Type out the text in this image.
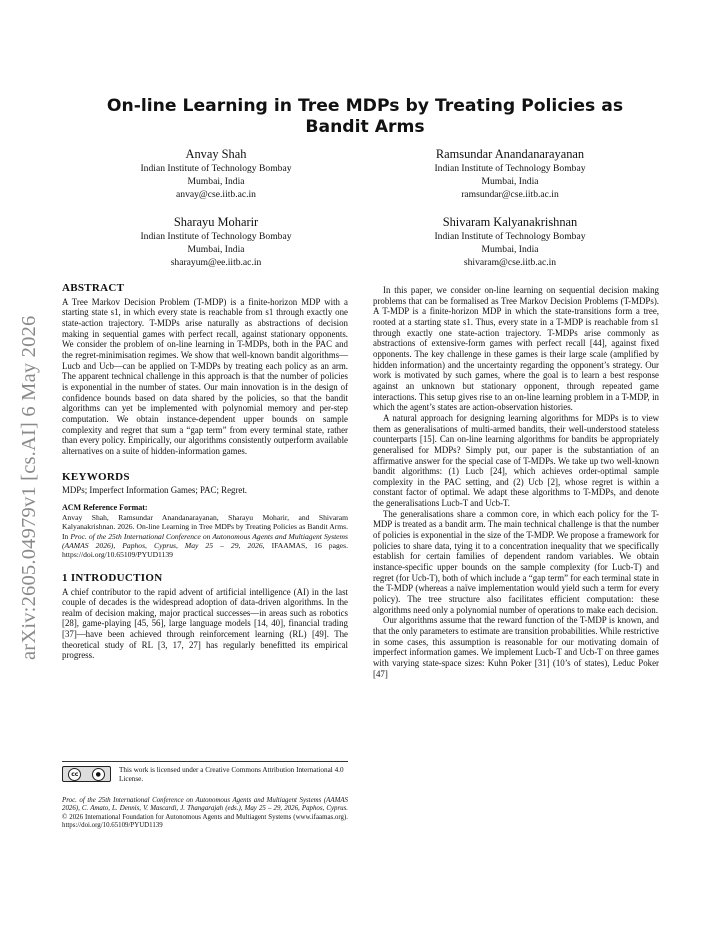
arXiv:2605.04979v1 [cs.AI] 6 May 2026
On-line Learning in Tree MDPs by Treating Policies as
Bandit Arms
Anvay Shah
Indian Institute of Technology Bombay
Mumbai, India
anvay@cse.iitb.ac.in
Ramsundar Anandanarayanan
Indian Institute of Technology Bombay
Mumbai, India
ramsundar@cse.iitb.ac.in
Sharayu Moharir
Indian Institute of Technology Bombay
Mumbai, India
sharayum@ee.iitb.ac.in
Shivaram Kalyanakrishnan
Indian Institute of Technology Bombay
Mumbai, India
shivaram@cse.iitb.ac.in
ABSTRACT

A Tree Markov Decision Problem (T-MDP) is a finite-horizon MDP with a starting state s1, in which every state is reachable from s1 through exactly one state-action trajectory. T-MDPs arise naturally as abstractions of decision making in sequential games with perfect recall, against stationary opponents. We consider the problem of on-line learning in T-MDPs, both in the PAC and the regret-minimisation regimes. We show that well-known bandit algorithms—Lucb and Ucb—can be applied on T-MDPs by treating each policy as an arm. The apparent technical challenge in this approach is that the number of policies is exponential in the number of states. Our main innovation is in the design of confidence bounds based on data shared by the policies, so that the bandit algorithms can yet be implemented with polynomial memory and per-step computation. We obtain instance-dependent upper bounds on sample complexity and regret that sum a “gap term” from every terminal state, rather than every policy. Empirically, our algorithms consistently outperform available alternatives on a suite of hidden-information games.

KEYWORDS

MDPs; Imperfect Information Games; PAC; Regret.

ACM Reference Format:
Anvay Shah, Ramsundar Anandanarayanan, Sharayu Moharir, and Shivaram Kalyanakrishnan. 2026. On-line Learning in Tree MDPs by Treating Policies as Bandit Arms. In Proc. of the 25th International Conference on Autonomous Agents and Multiagent Systems (AAMAS 2026), Paphos, Cyprus, May 25 – 29, 2026, IFAAMAS, 16 pages. https://doi.org/10.65109/PYUD1139
1 INTRODUCTION

A chief contributor to the rapid advent of artificial intelligence (AI) in the last couple of decades is the widespread adoption of data-driven algorithms. In the realm of decision making, major practical successes—in areas such as robotics [28], game-playing [45, 56], large language models [14, 40], financial trading [37]—have been achieved through reinforcement learning (RL) [49]. The theoretical study of RL [3, 17, 27] has regularly benefitted its empirical progress.

cc	●	This work is licensed under a Creative Commons Attribution International 4.0 License.
Proc. of the 25th International Conference on Autonomous Agents and Multiagent Systems (AAMAS 2026), C. Amato, L. Dennis, V. Mascardi, J. Thangarajah (eds.), May 25 – 29, 2026, Paphos, Cyprus. © 2026 International Foundation for Autonomous Agents and Multiagent Systems (www.ifaamas.org). https://doi.org/10.65109/PYUD1139

In this paper, we consider on-line learning on sequential decision making problems that can be formalised as Tree Markov Decision Problems (T-MDPs). A T-MDP is a finite-horizon MDP in which the state-transitions form a tree, rooted at a starting state s1. Thus, every state in a T-MDP is reachable from s1 through exactly one state-action trajectory. T-MDPs arise commonly as abstractions of extensive-form games with perfect recall [44], against fixed opponents. The key challenge in these games is their large scale (amplified by hidden information) and the uncertainty regarding the opponent’s strategy. Our work is motivated by such games, where the goal is to learn a best response against an unknown but stationary opponent, through repeated game interactions. This setup gives rise to an on-line learning problem in a T-MDP, in which the agent’s states are action-observation histories.

A natural approach for designing learning algorithms for MDPs is to view them as generalisations of multi-armed bandits, their well-understood stateless counterparts [15]. Can on-line learning algorithms for bandits be appropriately generalised for MDPs? Simply put, our paper is the substantiation of an affirmative answer for the special case of T-MDPs. We take up two well-known bandit algorithms: (1) Lucb [24], which achieves order-optimal sample complexity in the PAC setting, and (2) Ucb [2], whose regret is within a constant factor of optimal. We adapt these algorithms to T-MDPs, and denote the generalisations Lucb-T and Ucb-T.

The generalisations share a common core, in which each policy for the T-MDP is treated as a bandit arm. The main technical challenge is that the number of policies is exponential in the size of the T-MDP. We propose a framework for policies to share data, tying it to a concentration inequality that we specifically establish for certain families of dependent random variables. We obtain instance-specific upper bounds on the sample complexity (for Lucb-T) and regret (for Ucb-T), both of which include a “gap term” for each terminal state in the T-MDP (whereas a naïve implementation would yield such a term for every policy). The tree structure also facilitates efficient computation: these algorithms need only a polynomial number of operations to make each decision.

Our algorithms assume that the reward function of the T-MDP is known, and that the only parameters to estimate are transition probabilities. While restrictive in some cases, this assumption is reasonable for our motivating domain of imperfect information games. We implement Lucb-T and Ucb-T on three games with varying state-space sizes: Kuhn Poker [31] (10’s of states), Leduc Poker [47]
